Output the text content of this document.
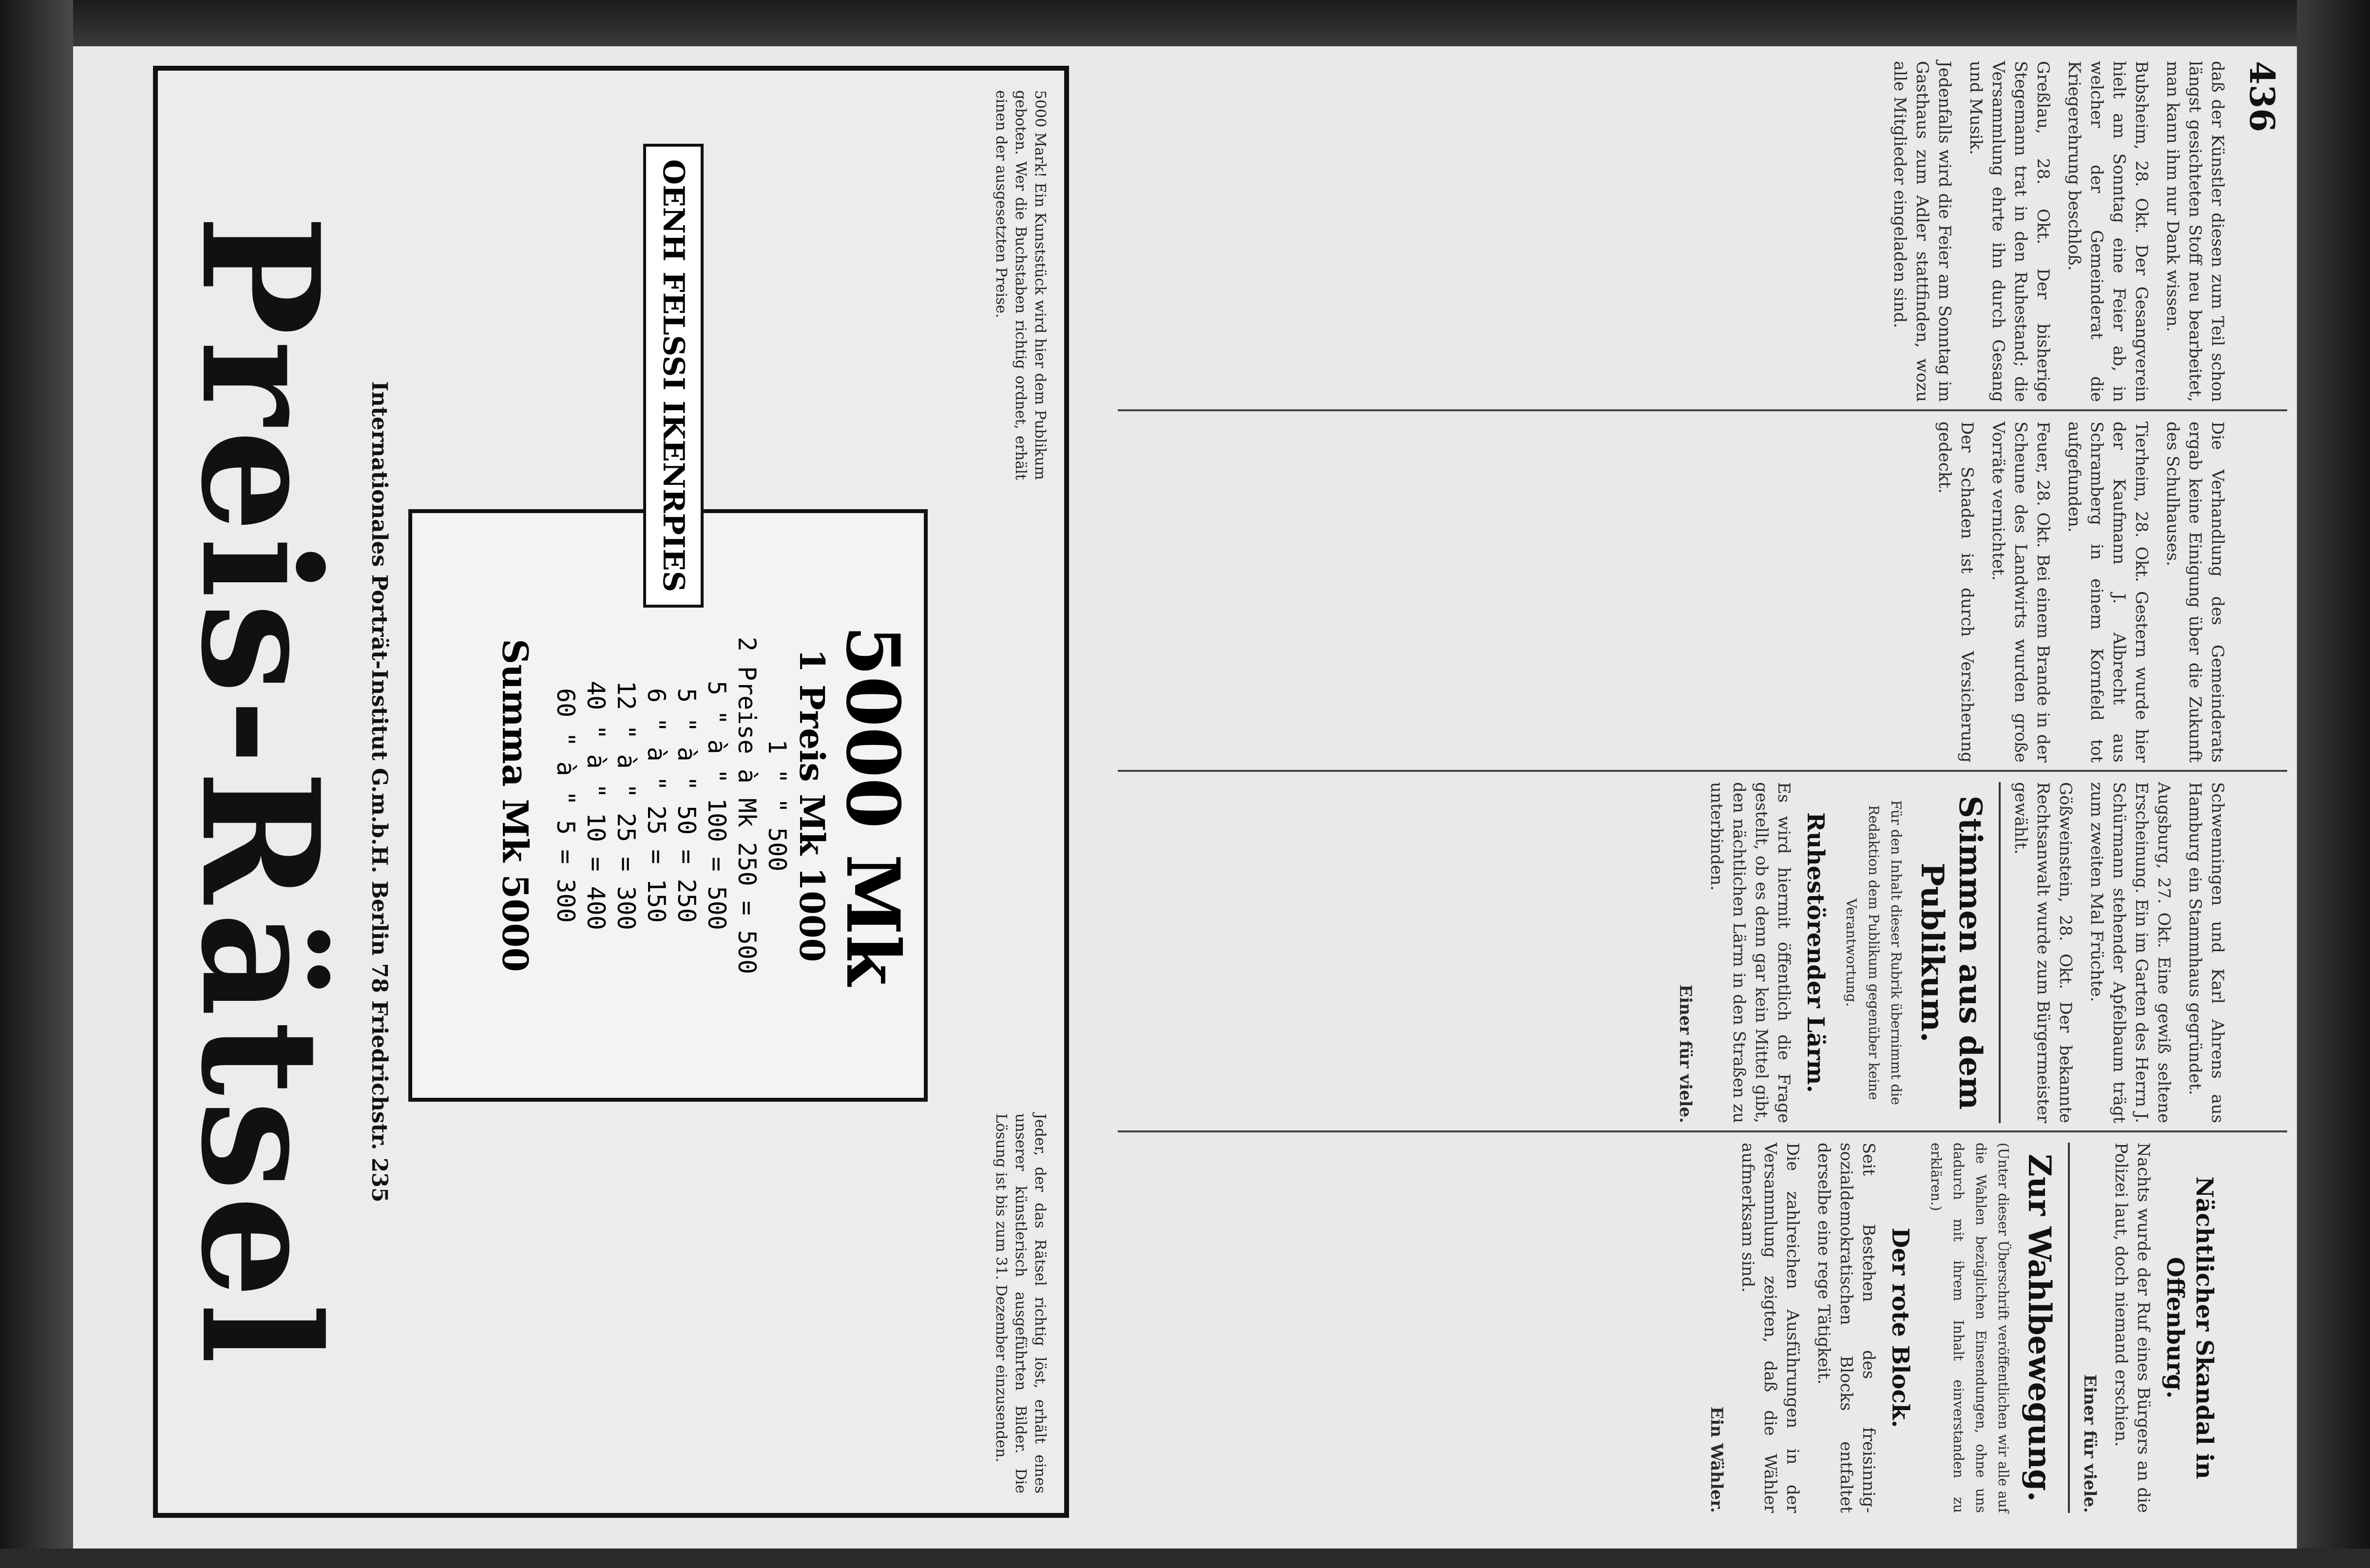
436

daß der Künstler diesen zum Teil schon längst gesichteten Stoff neu bearbeitet, man kann ihm nur Dank wissen.

Bubsheim, 28. Okt. Der Gesangverein hielt am Sonntag eine Feier ab, in welcher der Gemeinderat die Kriegerehrung beschloß.

Greßlau, 28. Okt. Der bisherige Stegemann trat in den Ruhestand; die Versammlung ehrte ihn durch Gesang und Musik.

Jedenfalls wird die Feier am Sonntag im Gasthaus zum Adler stattfinden, wozu alle Mitglieder eingeladen sind.

Die Verhandlung des Gemeinderats ergab keine Einigung über die Zukunft des Schulhauses.

Tierheim, 28. Okt. Gestern wurde hier der Kaufmann J. Albrecht aus Schramberg in einem Kornfeld tot aufgefunden.

Feuer, 28. Okt. Bei einem Brande in der Scheune des Landwirts wurden große Vorräte vernichtet.

Der Schaden ist durch Versicherung gedeckt.

Schwenningen und Karl Ahrens aus Hamburg ein Stammhaus gegründet.

Augsburg, 27. Okt. Eine gewiß seltene Erscheinung. Ein im Garten des Herrn J. Schürmann stehender Apfelbaum trägt zum zweiten Mal Früchte.

Gößweinstein, 28. Okt. Der bekannte Rechtsanwalt wurde zum Bürgermeister gewählt.

Stimmen aus dem Publikum.

Für den Inhalt dieser Rubrik übernimmt die Redaktion dem Publikum gegenüber keine Verantwortung.

Ruhestörender Lärm.

Es wird hiermit öffentlich die Frage gestellt, ob es denn gar kein Mittel gibt, den nächtlichen Lärm in den Straßen zu unterbinden.

Einer für viele.

Nächtlicher Skandal in Offenburg.

Nachts wurde der Ruf eines Bürgers an die Polizei laut, doch niemand erschien.

Einer für viele.

Zur Wahlbewegung.

(Unter dieser Überschrift veröffentlichen wir alle auf die Wahlen bezüglichen Einsendungen, ohne uns dadurch mit ihrem Inhalt einverstanden zu erklären.)

Der rote Block.

Seit Bestehen des freisinnig-sozialdemokratischen Blocks entfaltet derselbe eine rege Tätigkeit.

Die zahlreichen Ausführungen in der Versammlung zeigten, daß die Wähler aufmerksam sind.

Ein Wähler.

5000 Mark! Ein Kunststück wird hier dem Publikum geboten. Wer die Buchstaben richtig ordnet, erhält einen der ausgesetzten Preise.
Jeder, der das Rätsel richtig löst, erhält eines unserer künstlerisch ausgeführten Bilder. Die Lösung ist bis zum 31. Dezember einzusenden.
5000 Mk
1 Preis Mk 1000
1 " " 500
2 Preise à Mk 250 = 500
5 " à " 100 = 500
5 " à " 50 = 250
6 " à " 25 = 150
12 " à " 25 = 300
40 " à " 10 = 400
60 " à " 5 = 300
Summa Mk 5000
OENH FELSSI IKENRPIES
Internationales Porträt-Institut G.m.b.H. Berlin 78 Friedrichstr. 235
Preis-Rätsel
